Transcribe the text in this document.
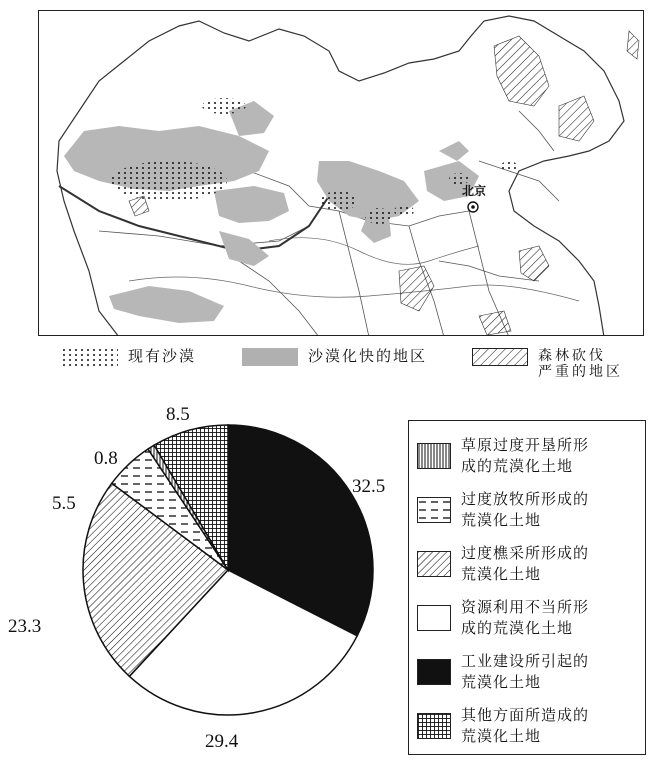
北京
现有沙漠	沙漠化快的地区	森林砍伐
严重的地区
32.5
29.4
23.3
5.5
0.8
8.5
草原过度开垦所形
成的荒漠化土地
过度放牧所形成的
荒漠化土地
过度樵采所形成的
荒漠化土地
资源利用不当所形
成的荒漠化土地
工业建设所引起的
荒漠化土地
其他方面所造成的
荒漠化土地
